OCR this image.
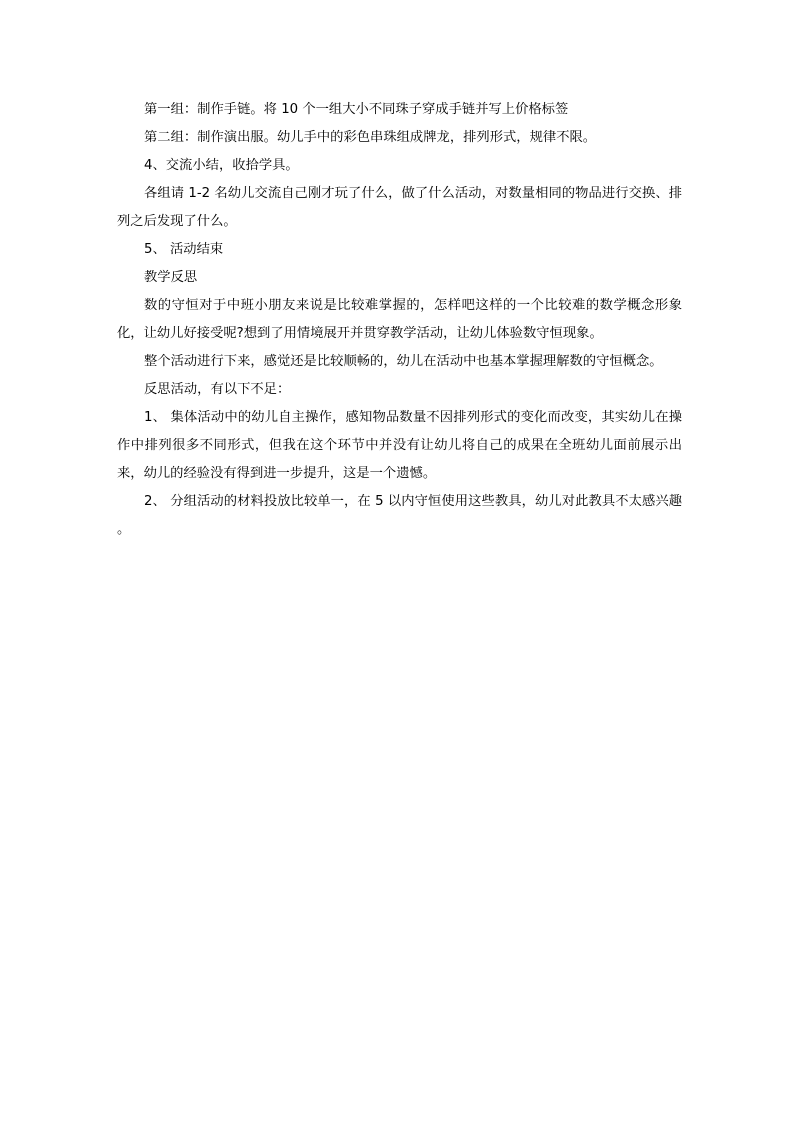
第一组：制作手链。将 10 个一组大小不同珠子穿成手链并写上价格标签

第二组：制作演出服。幼儿手中的彩色串珠组成牌龙，排列形式，规律不限。

4、交流小结，收拾学具。

各组请 1-2 名幼儿交流自己刚才玩了什么，做了什么活动，对数量相同的物品进行交换、排列之后发现了什么。

5、 活动结束

教学反思

数的守恒对于中班小朋友来说是比较难掌握的，怎样吧这样的一个比较难的数学概念形象化，让幼儿好接受呢?想到了用情境展开并贯穿教学活动，让幼儿体验数守恒现象。

整个活动进行下来，感觉还是比较顺畅的，幼儿在活动中也基本掌握理解数的守恒概念。

反思活动，有以下不足：

1、 集体活动中的幼儿自主操作，感知物品数量不因排列形式的变化而改变，其实幼儿在操作中排列很多不同形式，但我在这个环节中并没有让幼儿将自己的成果在全班幼儿面前展示出来，幼儿的经验没有得到进一步提升，这是一个遗憾。

2、 分组活动的材料投放比较单一，在 5 以内守恒使用这些教具，幼儿对此教具不太感兴趣 。
